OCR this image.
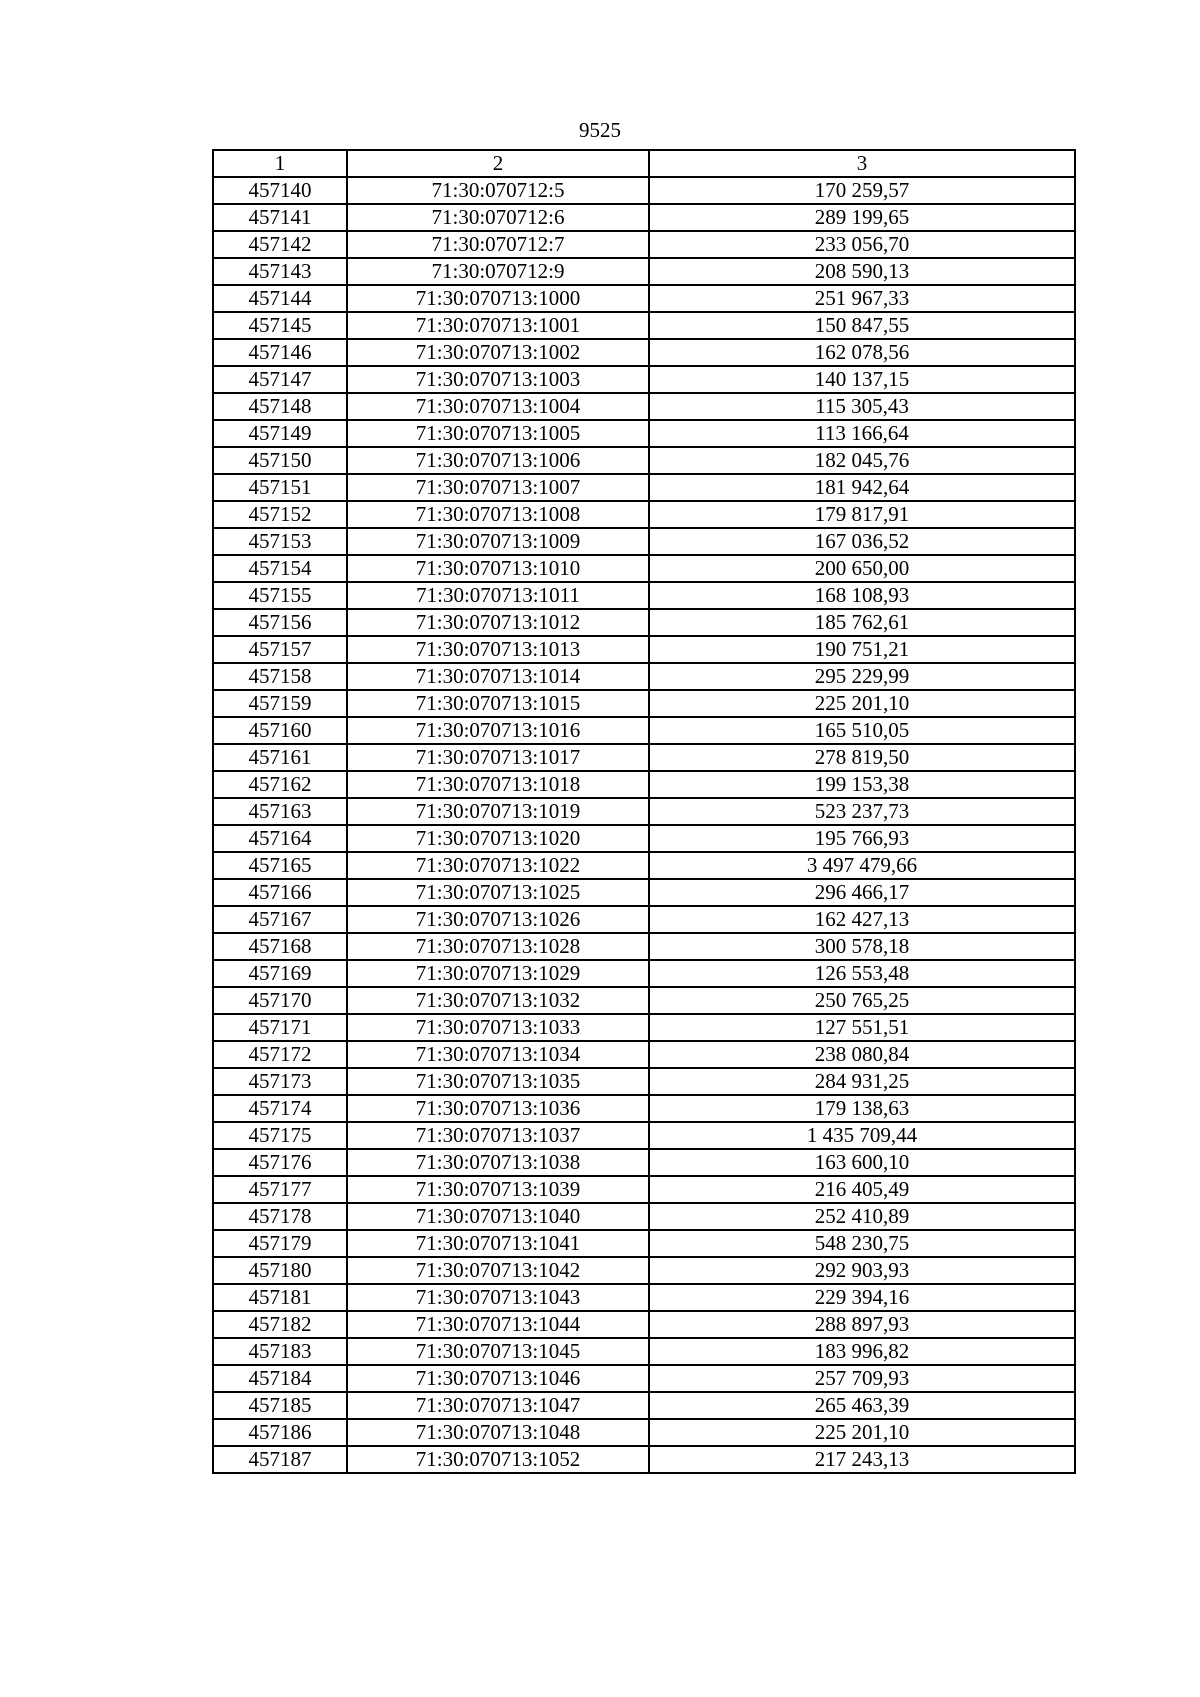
9525
1	2	3
457140	71:30:070712:5	170 259,57
457141	71:30:070712:6	289 199,65
457142	71:30:070712:7	233 056,70
457143	71:30:070712:9	208 590,13
457144	71:30:070713:1000	251 967,33
457145	71:30:070713:1001	150 847,55
457146	71:30:070713:1002	162 078,56
457147	71:30:070713:1003	140 137,15
457148	71:30:070713:1004	115 305,43
457149	71:30:070713:1005	113 166,64
457150	71:30:070713:1006	182 045,76
457151	71:30:070713:1007	181 942,64
457152	71:30:070713:1008	179 817,91
457153	71:30:070713:1009	167 036,52
457154	71:30:070713:1010	200 650,00
457155	71:30:070713:1011	168 108,93
457156	71:30:070713:1012	185 762,61
457157	71:30:070713:1013	190 751,21
457158	71:30:070713:1014	295 229,99
457159	71:30:070713:1015	225 201,10
457160	71:30:070713:1016	165 510,05
457161	71:30:070713:1017	278 819,50
457162	71:30:070713:1018	199 153,38
457163	71:30:070713:1019	523 237,73
457164	71:30:070713:1020	195 766,93
457165	71:30:070713:1022	3 497 479,66
457166	71:30:070713:1025	296 466,17
457167	71:30:070713:1026	162 427,13
457168	71:30:070713:1028	300 578,18
457169	71:30:070713:1029	126 553,48
457170	71:30:070713:1032	250 765,25
457171	71:30:070713:1033	127 551,51
457172	71:30:070713:1034	238 080,84
457173	71:30:070713:1035	284 931,25
457174	71:30:070713:1036	179 138,63
457175	71:30:070713:1037	1 435 709,44
457176	71:30:070713:1038	163 600,10
457177	71:30:070713:1039	216 405,49
457178	71:30:070713:1040	252 410,89
457179	71:30:070713:1041	548 230,75
457180	71:30:070713:1042	292 903,93
457181	71:30:070713:1043	229 394,16
457182	71:30:070713:1044	288 897,93
457183	71:30:070713:1045	183 996,82
457184	71:30:070713:1046	257 709,93
457185	71:30:070713:1047	265 463,39
457186	71:30:070713:1048	225 201,10
457187	71:30:070713:1052	217 243,13
